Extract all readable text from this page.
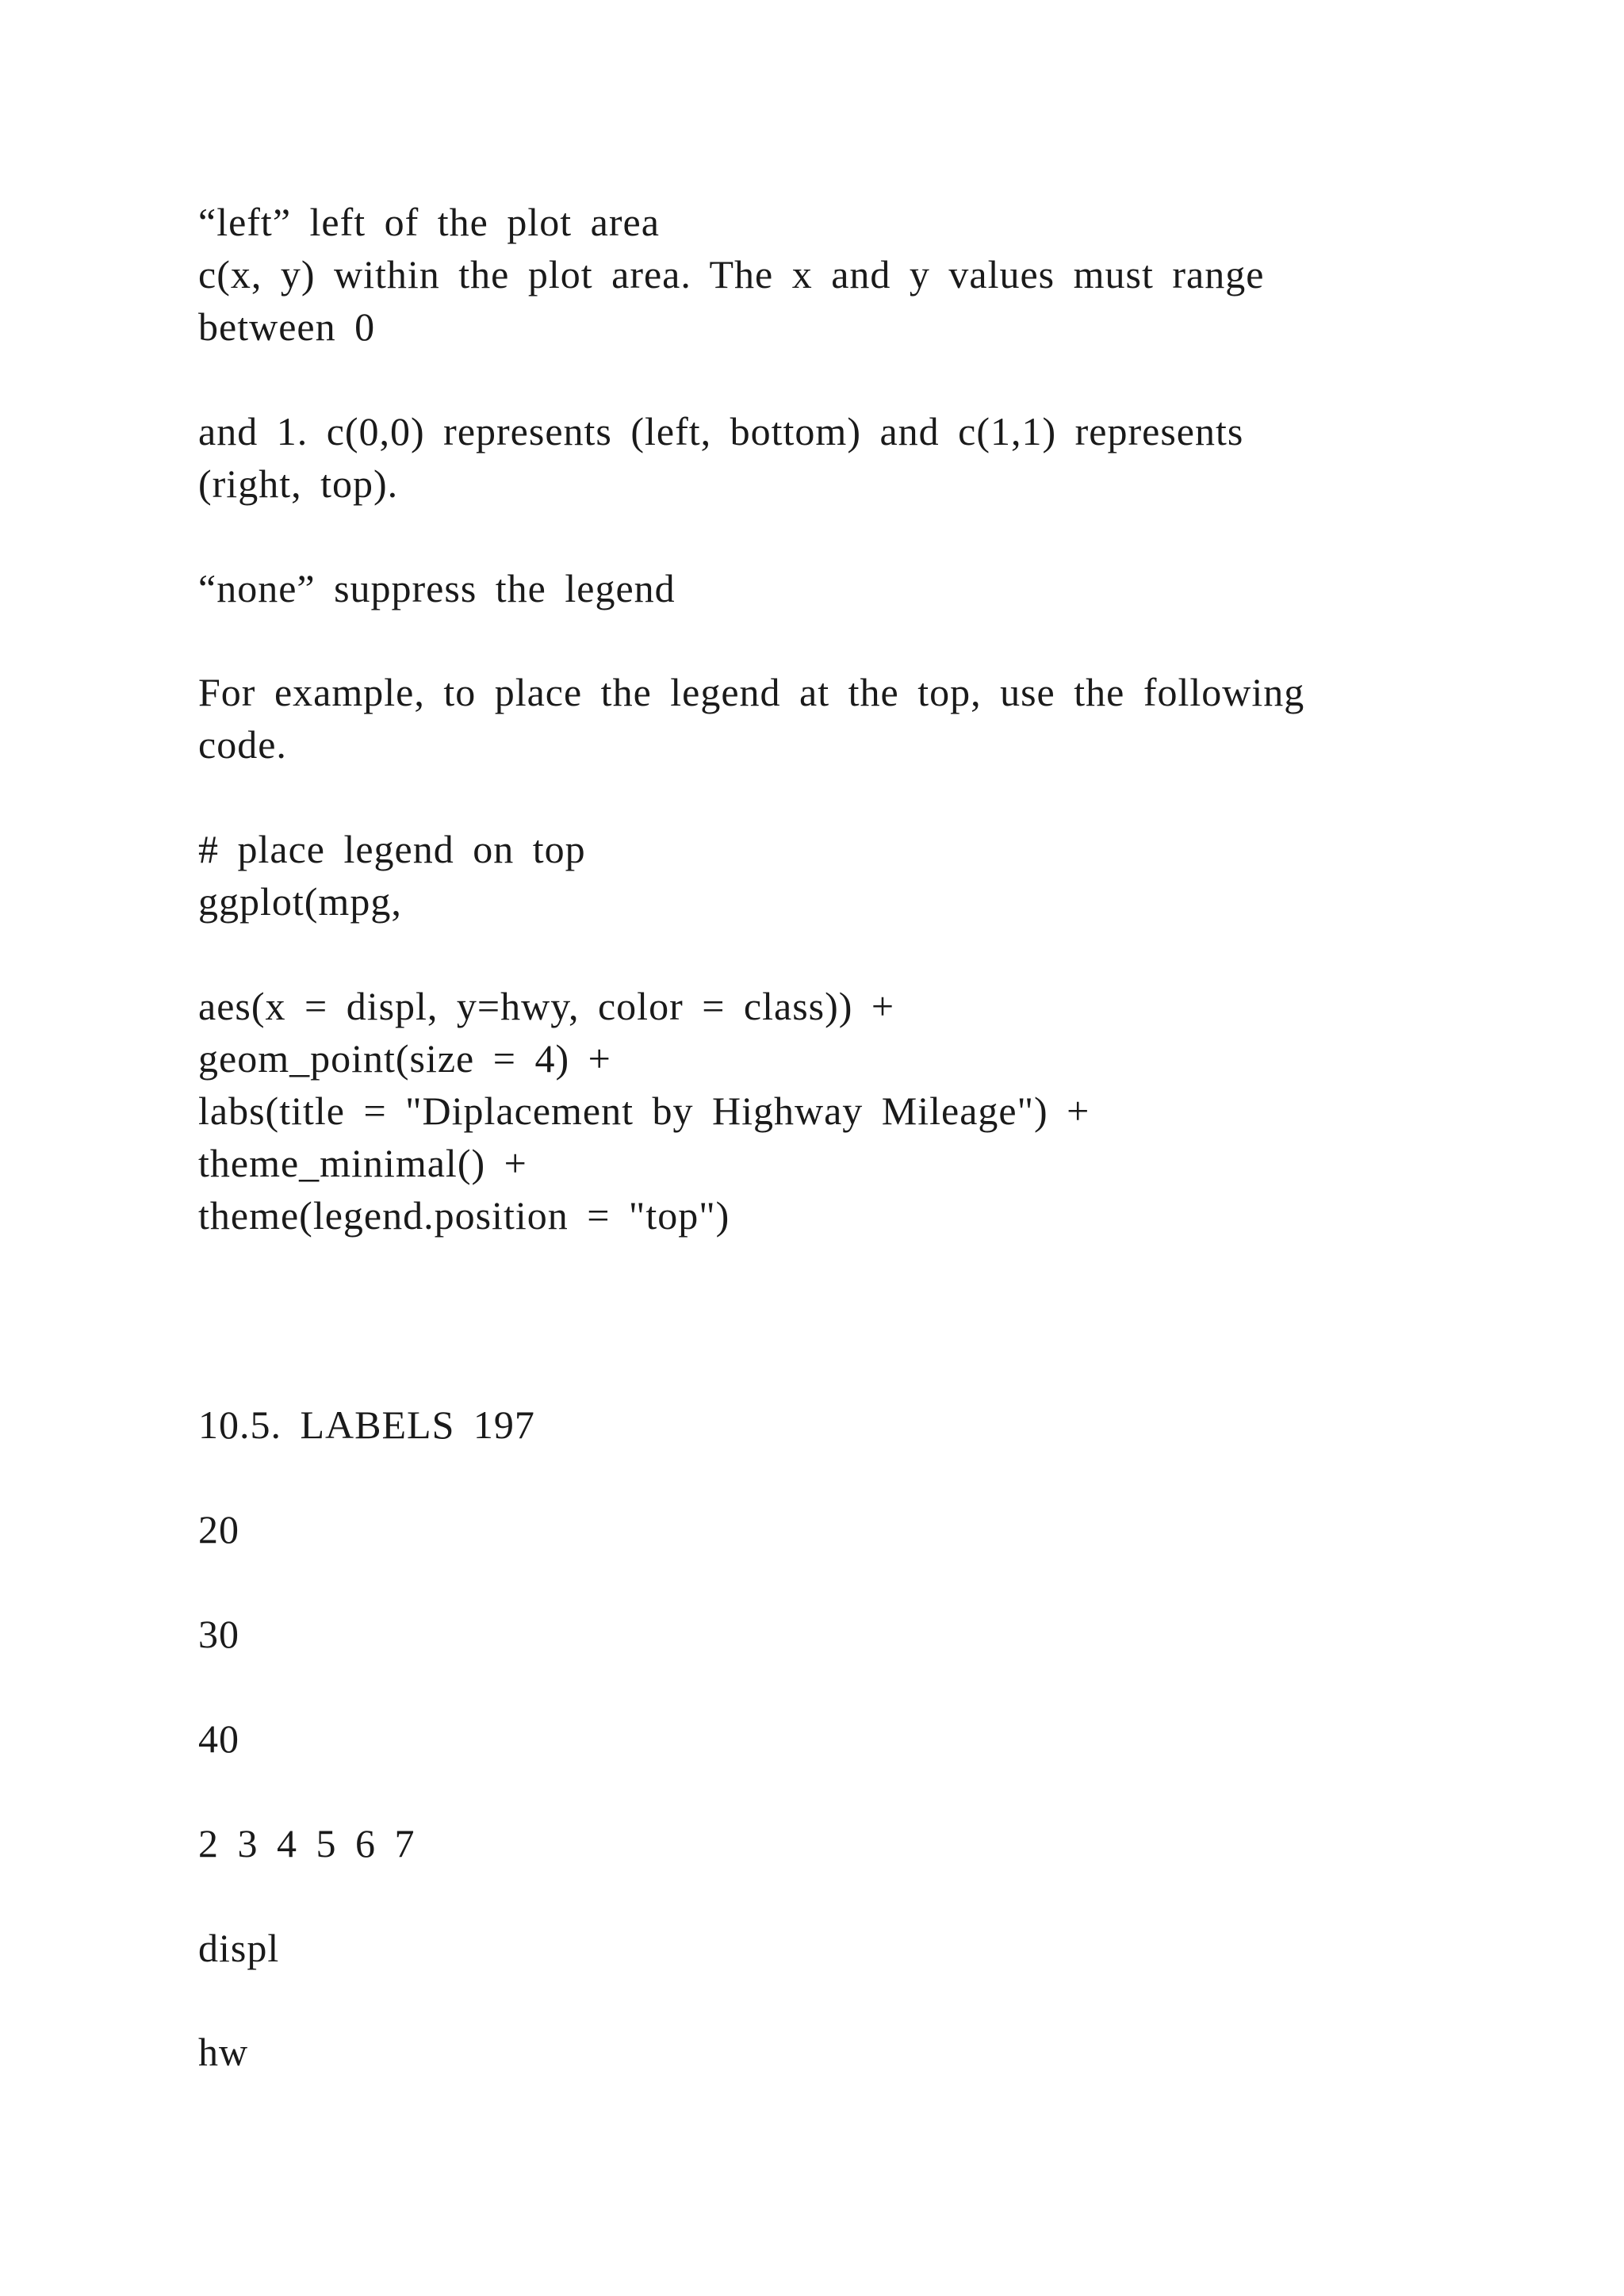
“left” left of the plot area

c(x, y) within the plot area. The x and y values must range

between 0

and 1. c(0,0) represents (left, bottom) and c(1,1) represents

(right, top).

“none” suppress the legend

For example, to place the legend at the top, use the following

code.

# place legend on top

ggplot(mpg,

aes(x = displ, y=hwy, color = class)) +

geom_point(size = 4) +

labs(title = "Diplacement by Highway Mileage") +

theme_minimal() +

theme(legend.position = "top")

10.5. LABELS 197

20

30

40

2 3 4 5 6 7

displ

hw
